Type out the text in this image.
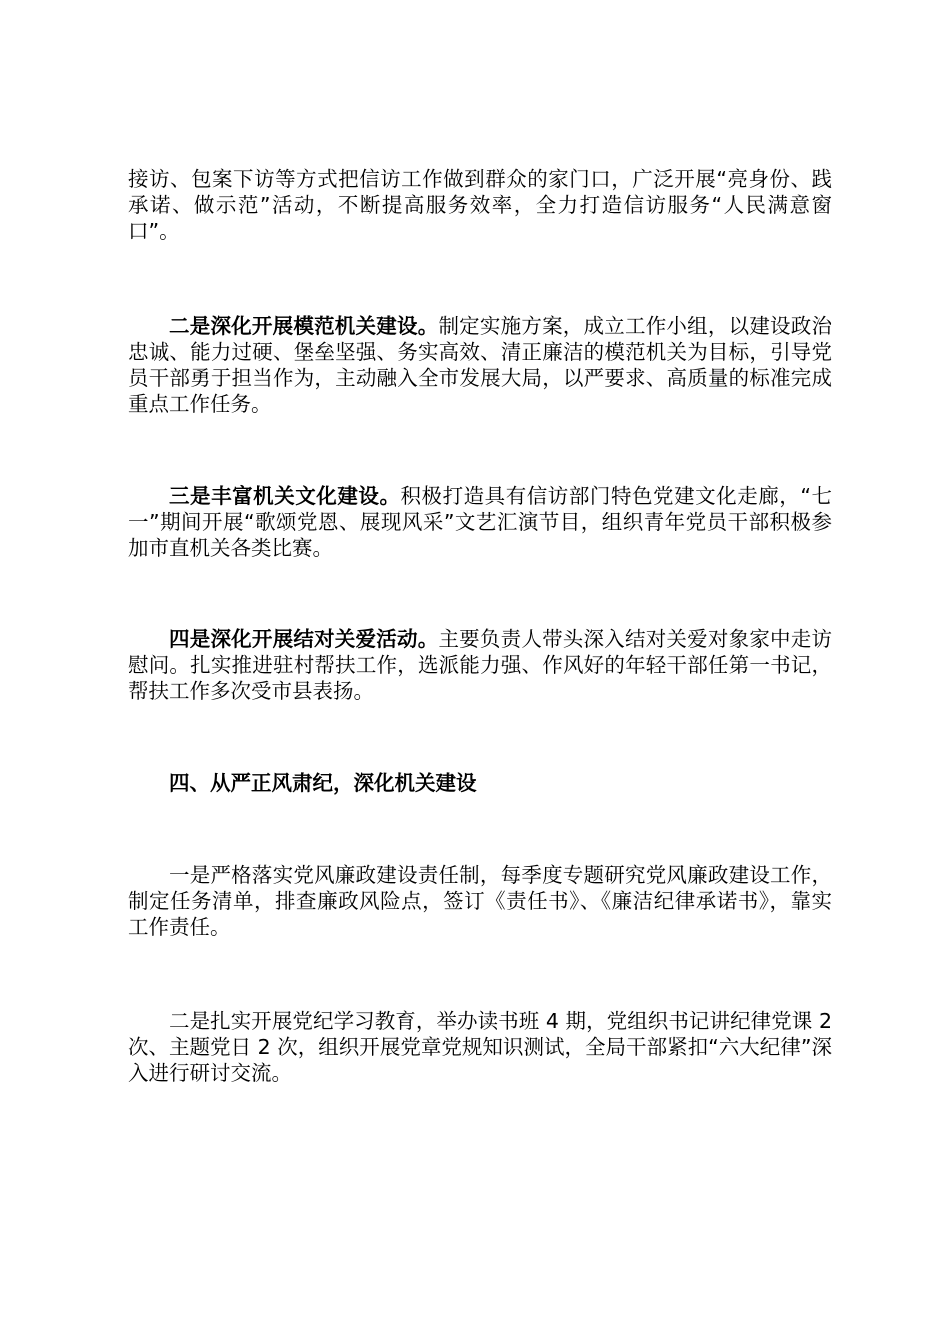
接访、包案下访等方式把信访工作做到群众的家门口，广泛开展“亮身份、践承诺、做示范”活动，不断提高服务效率，全力打造信访服务“人民满意窗口”。

二是深化开展模范机关建设。制定实施方案，成立工作小组，以建设政治忠诚、能力过硬、堡垒坚强、务实高效、清正廉洁的模范机关为目标，引导党员干部勇于担当作为，主动融入全市发展大局，以严要求、高质量的标准完成重点工作任务。

三是丰富机关文化建设。积极打造具有信访部门特色党建文化走廊，“七一”期间开展“歌颂党恩、展现风采”文艺汇演节目，组织青年党员干部积极参加市直机关各类比赛。

四是深化开展结对关爱活动。主要负责人带头深入结对关爱对象家中走访慰问。扎实推进驻村帮扶工作，选派能力强、作风好的年轻干部任第一书记，帮扶工作多次受市县表扬。

四、从严正风肃纪，深化机关建设

一是严格落实党风廉政建设责任制，每季度专题研究党风廉政建设工作，制定任务清单，排查廉政风险点，签订《责任书》、《廉洁纪律承诺书》，靠实工作责任。

二是扎实开展党纪学习教育，举办读书班 4 期，党组织书记讲纪律党课 2 次、主题党日 2 次，组织开展党章党规知识测试，全局干部紧扣“六大纪律”深入进行研讨交流。
